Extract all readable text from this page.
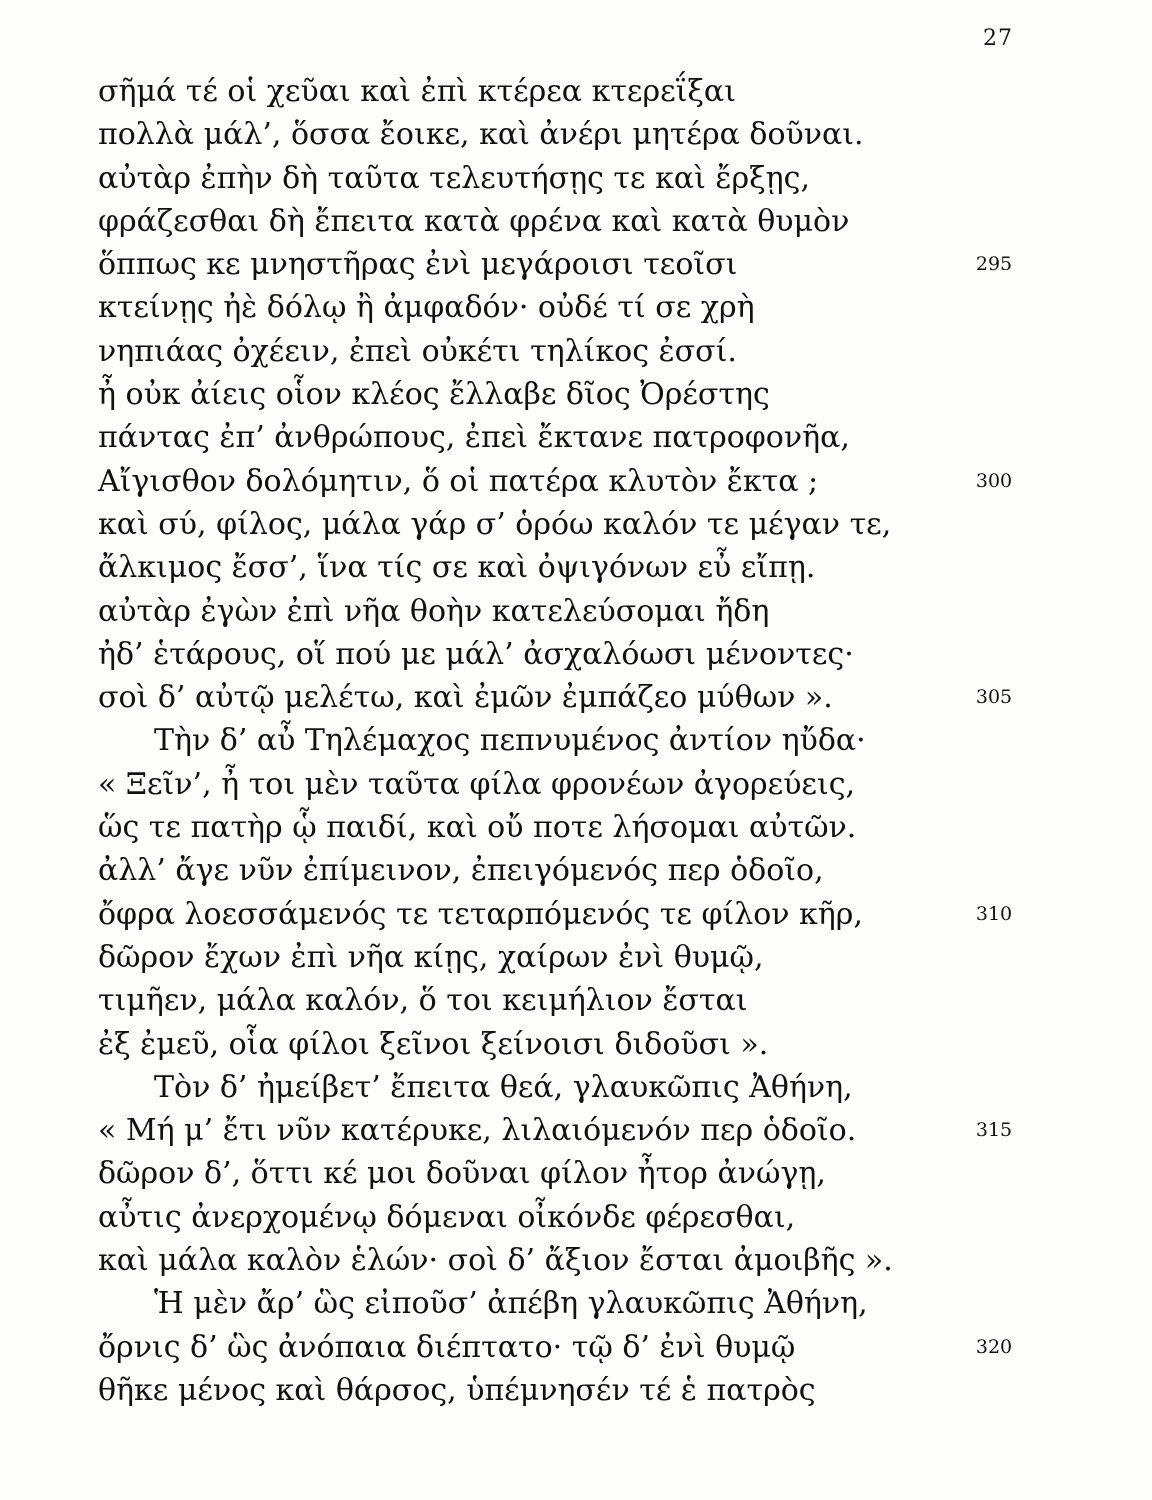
27
σῆμά τέ οἱ χεῦαι καὶ ἐπὶ κτέρεα κτερεΐξαι
πολλὰ μάλ’, ὅσσα ἔοικε, καὶ ἀνέρι μητέρα δοῦναι.
αὐτὰρ ἐπὴν δὴ ταῦτα τελευτήσῃς τε καὶ ἔρξῃς,
φράζεσθαι δὴ ἔπειτα κατὰ φρένα καὶ κατὰ θυμὸν
ὅππως κε μνηστῆρας ἐνὶ μεγάροισι τεοῖσι	295
κτείνῃς ἠὲ δόλῳ ἢ ἀμφαδόν· οὐδέ τί σε χρὴ
νηπιάας ὀχέειν, ἐπεὶ οὐκέτι τηλίκος ἐσσί.
ἦ οὐκ ἀίεις οἷον κλέος ἔλλαβε δῖος Ὀρέστης
πάντας ἐπ’ ἀνθρώπους, ἐπεὶ ἔκτανε πατροφονῆα,
Αἴγισθον δολόμητιν, ὅ οἱ πατέρα κλυτὸν ἔκτα ;	300
καὶ σύ, φίλος, μάλα γάρ σ’ ὁρόω καλόν τε μέγαν τε,
ἄλκιμος ἔσσ’, ἵνα τίς σε καὶ ὀψιγόνων εὖ εἴπῃ.
αὐτὰρ ἐγὼν ἐπὶ νῆα θοὴν κατελεύσομαι ἤδη
ἠδ’ ἑτάρους, οἵ πού με μάλ’ ἀσχαλόωσι μένοντες·
σοὶ δ’ αὐτῷ μελέτω, καὶ ἐμῶν ἐμπάζεο μύθων ».	305
Τὴν δ’ αὖ Τηλέμαχος πεπνυμένος ἀντίον ηὔδα·
« Ξεῖν’, ἦ τοι μὲν ταῦτα φίλα φρονέων ἀγορεύεις,
ὥς τε πατὴρ ᾧ παιδί, καὶ οὔ ποτε λήσομαι αὐτῶν.
ἀλλ’ ἄγε νῦν ἐπίμεινον, ἐπειγόμενός περ ὁδοῖο,
ὄφρα λοεσσάμενός τε τεταρπόμενός τε φίλον κῆρ,	310
δῶρον ἔχων ἐπὶ νῆα κίῃς, χαίρων ἐνὶ θυμῷ,
τιμῆεν, μάλα καλόν, ὅ τοι κειμήλιον ἔσται
ἐξ ἐμεῦ, οἷα φίλοι ξεῖνοι ξείνοισι διδοῦσι ».
Τὸν δ’ ἠμείβετ’ ἔπειτα θεά, γλαυκῶπις Ἀθήνη,
« Μή μ’ ἔτι νῦν κατέρυκε, λιλαιόμενόν περ ὁδοῖο.	315
δῶρον δ’, ὅττι κέ μοι δοῦναι φίλον ἦτορ ἀνώγῃ,
αὖτις ἀνερχομένῳ δόμεναι οἶκόνδε φέρεσθαι,
καὶ μάλα καλὸν ἑλών· σοὶ δ’ ἄξιον ἔσται ἀμοιβῆς ».
Ἡ μὲν ἄρ’ ὣς εἰποῦσ’ ἀπέβη γλαυκῶπις Ἀθήνη,
ὄρνις δ’ ὣς ἀνόπαια διέπτατο· τῷ δ’ ἐνὶ θυμῷ	320
θῆκε μένος καὶ θάρσος, ὑπέμνησέν τέ ἑ πατρὸς
